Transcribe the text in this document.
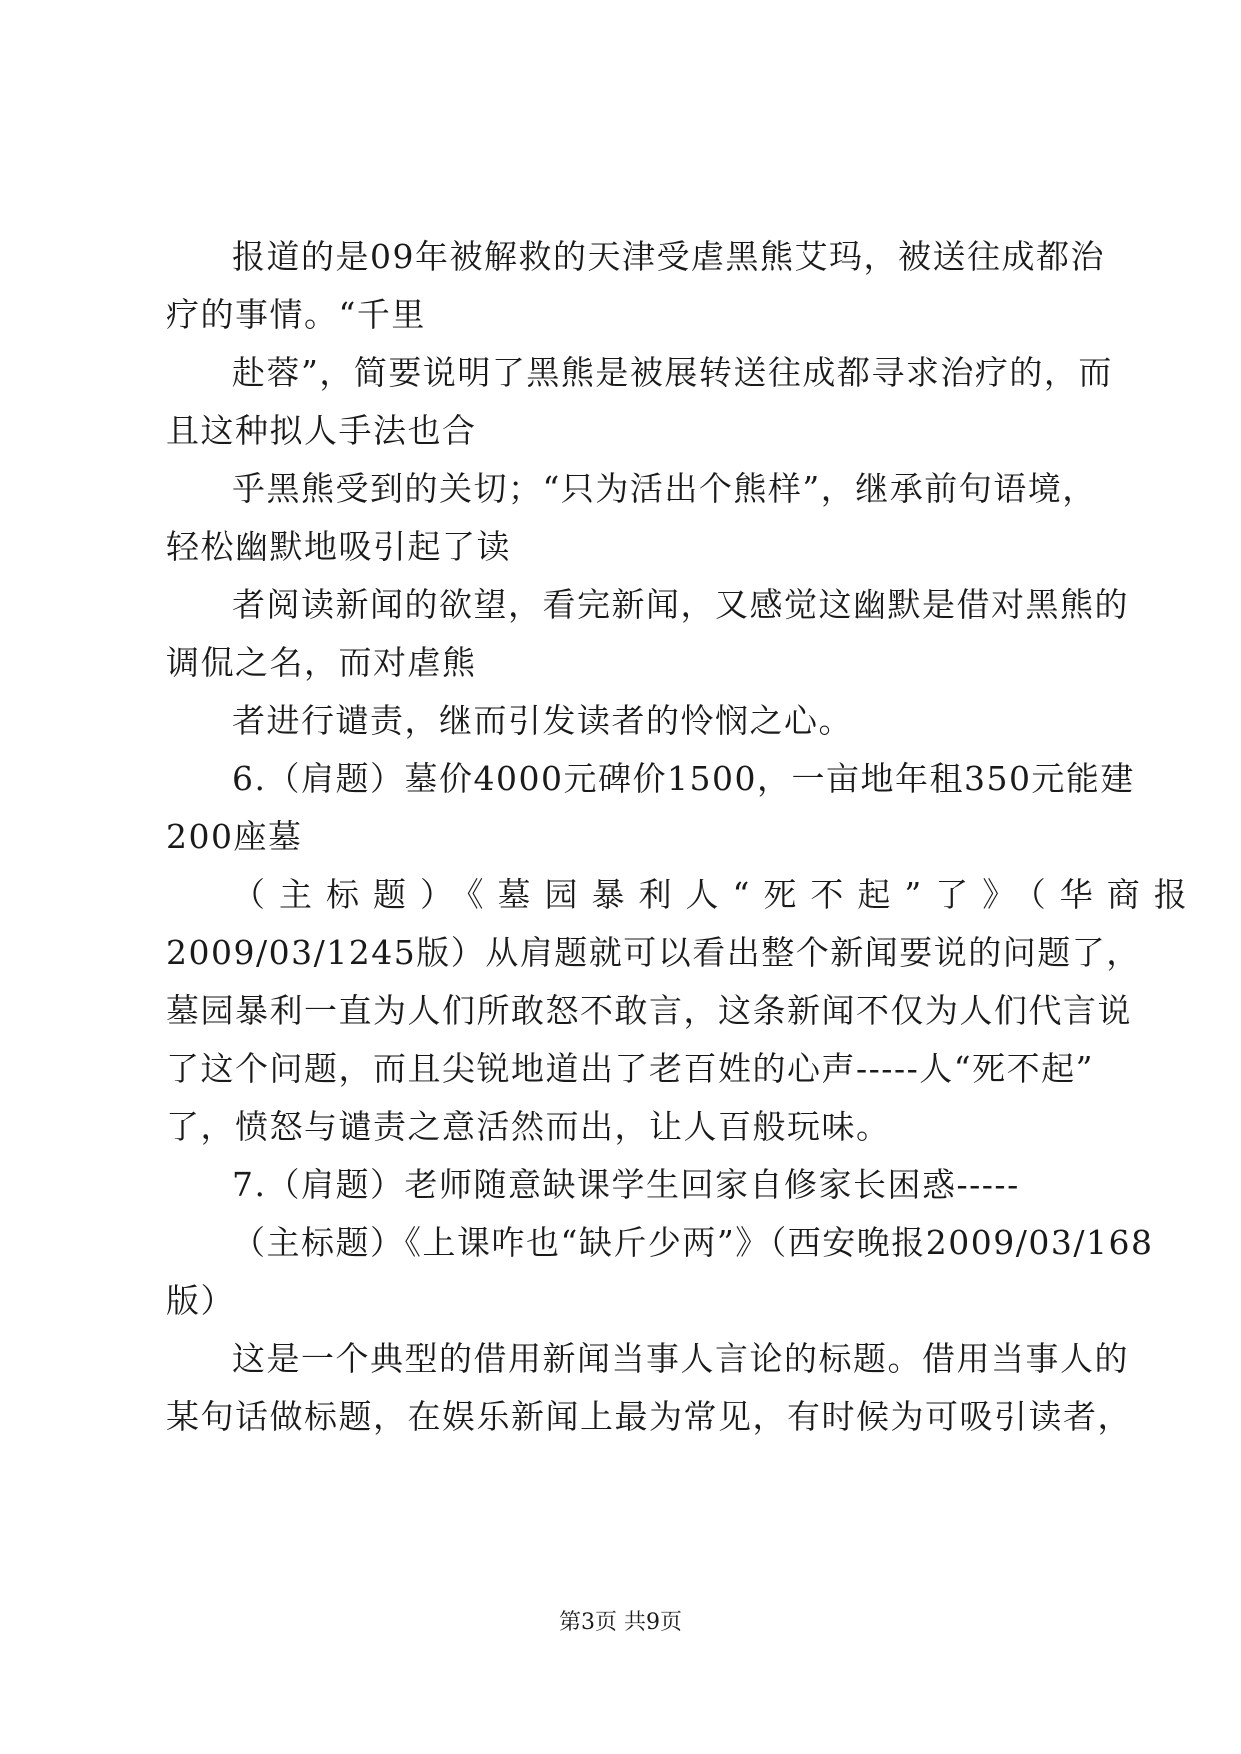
报道的是09年被解救的天津受虐黑熊艾玛，被送往成都治
疗的事情。“千里
赴蓉”，简要说明了黑熊是被展转送往成都寻求治疗的，而
且这种拟人手法也合
乎黑熊受到的关切；“只为活出个熊样”，继承前句语境，
轻松幽默地吸引起了读
者阅读新闻的欲望，看完新闻，又感觉这幽默是借对黑熊的
调侃之名，而对虐熊
者进行谴责，继而引发读者的怜悯之心。
6.（肩题）墓价4000元碑价1500，一亩地年租350元能建
200座墓
（主标题）《墓园暴利人“死不起”了》（华商报
2009/03/1245版）从肩题就可以看出整个新闻要说的问题了，
墓园暴利一直为人们所敢怒不敢言，这条新闻不仅为人们代言说
了这个问题，而且尖锐地道出了老百姓的心声-----人“死不起”
了，愤怒与谴责之意活然而出，让人百般玩味。
7.（肩题）老师随意缺课学生回家自修家长困惑-----
（主标题）《上课咋也“缺斤少两”》（西安晚报2009/03/168
版）
这是一个典型的借用新闻当事人言论的标题。借用当事人的
某句话做标题，在娱乐新闻上最为常见，有时候为可吸引读者，
第3页 共9页
